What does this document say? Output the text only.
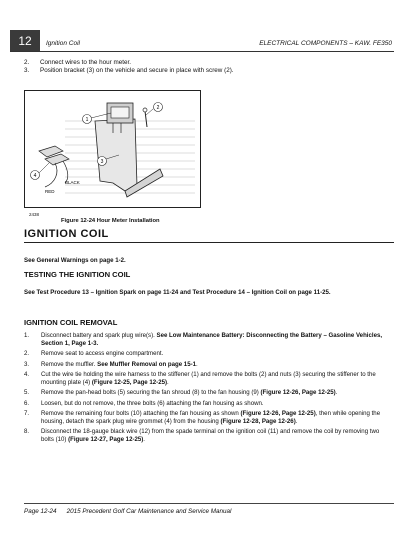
12	Ignition Coil	ELECTRICAL COMPONENTS – KAW. FE350
2.	Connect wires to the hour meter.
3.	Position bracket (3) on the vehicle and secure in place with screw (2).
1
2
3
4
BLACK
RED
2438
Figure 12-24 Hour Meter Installation
IGNITION COIL
See General Warnings on page 1-2.
TESTING THE IGNITION COIL
See Test Procedure 13 – Ignition Spark on page 11-24 and Test Procedure 14 – Ignition Coil on page 11-25.
IGNITION COIL REMOVAL
1.	Disconnect battery and spark plug wire(s). See Low Maintenance Battery: Disconnecting the Battery – Gasoline Vehicles, Section 1, Page 1-3.
2.	Remove seat to access engine compartment.
3.	Remove the muffler. See Muffler Removal on page 15-1.
4.	Cut the wire tie holding the wire harness to the stiffener (1) and remove the bolts (2) and nuts (3) securing the stiffener to the mounting plate (4) (Figure 12-25, Page 12-25).
5.	Remove the pan-head bolts (5) securing the fan shroud (8) to the fan housing (9) (Figure 12-26, Page 12-25).
6.	Loosen, but do not remove, the three bolts (6) attaching the fan housing as shown.
7.	Remove the remaining four bolts (10) attaching the fan housing as shown (Figure 12-26, Page 12-25), then while opening the housing, detach the spark plug wire grommet (4) from the housing (Figure 12-28, Page 12-26).
8.	Disconnect the 18-gauge black wire (12) from the spade terminal on the ignition coil (11) and remove the coil by removing two bolts (10) (Figure 12-27, Page 12-25).
Page 12-24 2015 Precedent Golf Car Maintenance and Service Manual
